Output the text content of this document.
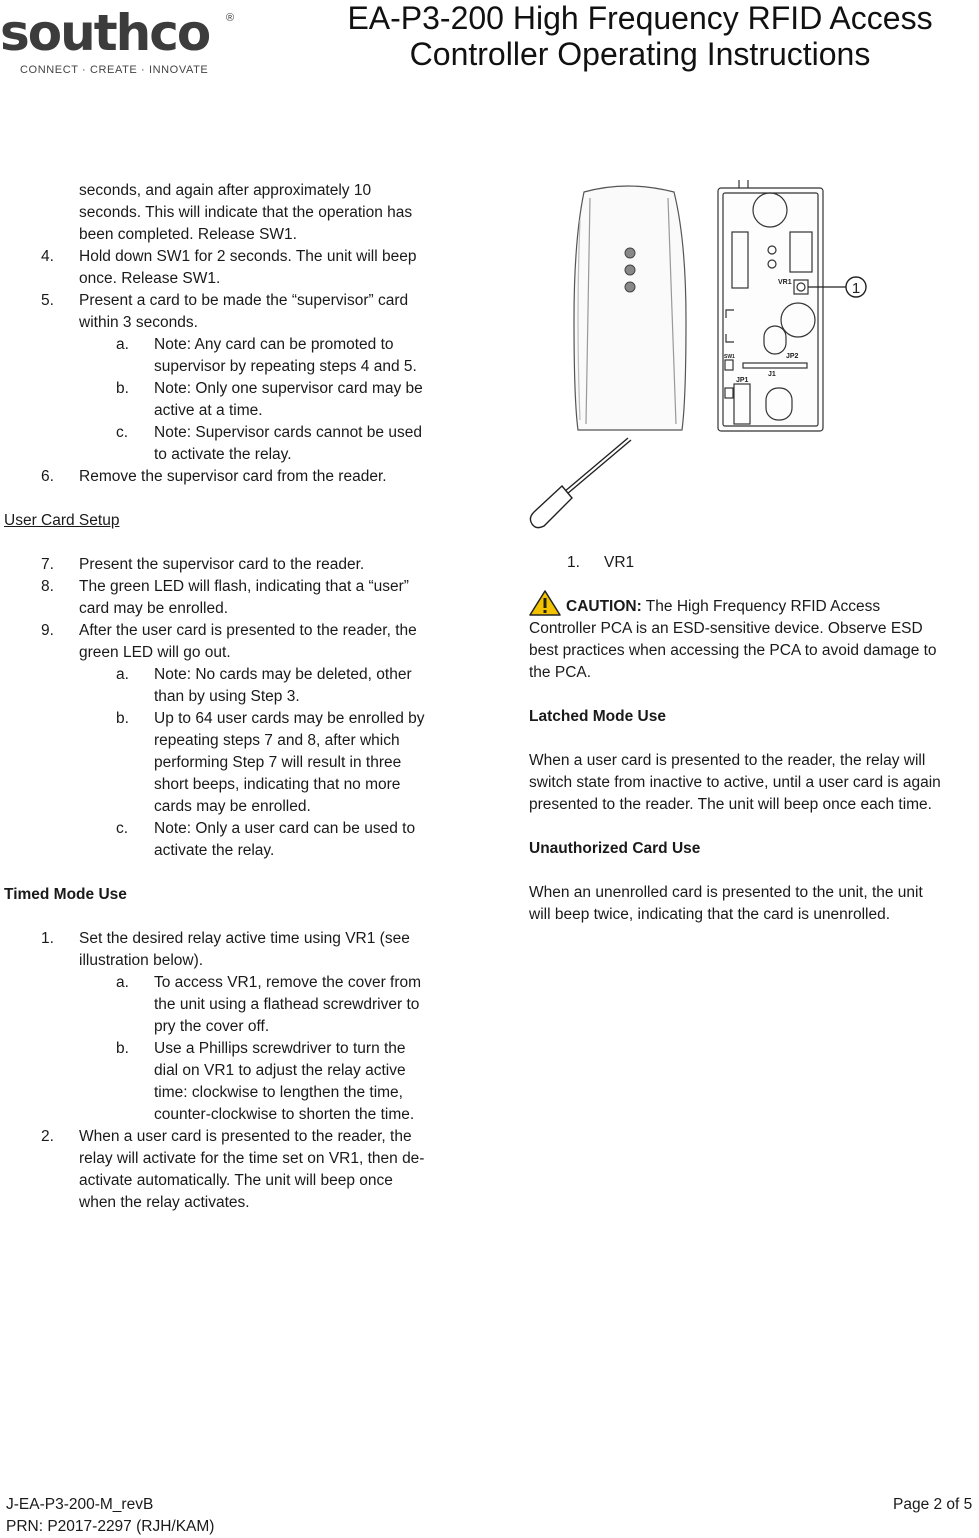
southco ®
CONNECT · CREATE · INNOVATE
EA-P3-200 High Frequency RFID Access
Controller Operating Instructions
seconds, and again after approximately 10
seconds. This will indicate that the operation has
been completed. Release SW1.
4. Hold down SW1 for 2 seconds. The unit will beep
once. Release SW1.
5. Present a card to be made the “supervisor” card
within 3 seconds.
a. Note: Any card can be promoted to
supervisor by repeating steps 4 and 5.
b. Note: Only one supervisor card may be
active at a time.
c. Note: Supervisor cards cannot be used
to activate the relay.
6. Remove the supervisor card from the reader.
User Card Setup
7. Present the supervisor card to the reader.
8. The green LED will flash, indicating that a “user”
card may be enrolled.
9. After the user card is presented to the reader, the
green LED will go out.
a. Note: No cards may be deleted, other
than by using Step 3.
b. Up to 64 user cards may be enrolled by
repeating steps 7 and 8, after which
performing Step 7 will result in three
short beeps, indicating that no more
cards may be enrolled.
c. Note: Only a user card can be used to
activate the relay.
Timed Mode Use
1. Set the desired relay active time using VR1 (see
illustration below).
a. To access VR1, remove the cover from
the unit using a flathead screwdriver to
pry the cover off.
b. Use a Phillips screwdriver to turn the
dial on VR1 to adjust the relay active
time: clockwise to lengthen the time,
counter-clockwise to shorten the time.
2. When a user card is presented to the reader, the
relay will activate for the time set on VR1, then de-
activate automatically. The unit will beep once
when the relay activates.
VR1
JP2
JP1
J1
SW1
1
1. VR1
CAUTION: The High Frequency RFID Access
Controller PCA is an ESD-sensitive device. Observe ESD
best practices when accessing the PCA to avoid damage to
the PCA.
Latched Mode Use
When a user card is presented to the reader, the relay will
switch state from inactive to active, until a user card is again
presented to the reader. The unit will beep once each time.
Unauthorized Card Use
When an unenrolled card is presented to the unit, the unit
will beep twice, indicating that the card is unenrolled.
J-EA-P3-200-M_revB
PRN: P2017-2297 (RJH/KAM)
Page 2 of 5
